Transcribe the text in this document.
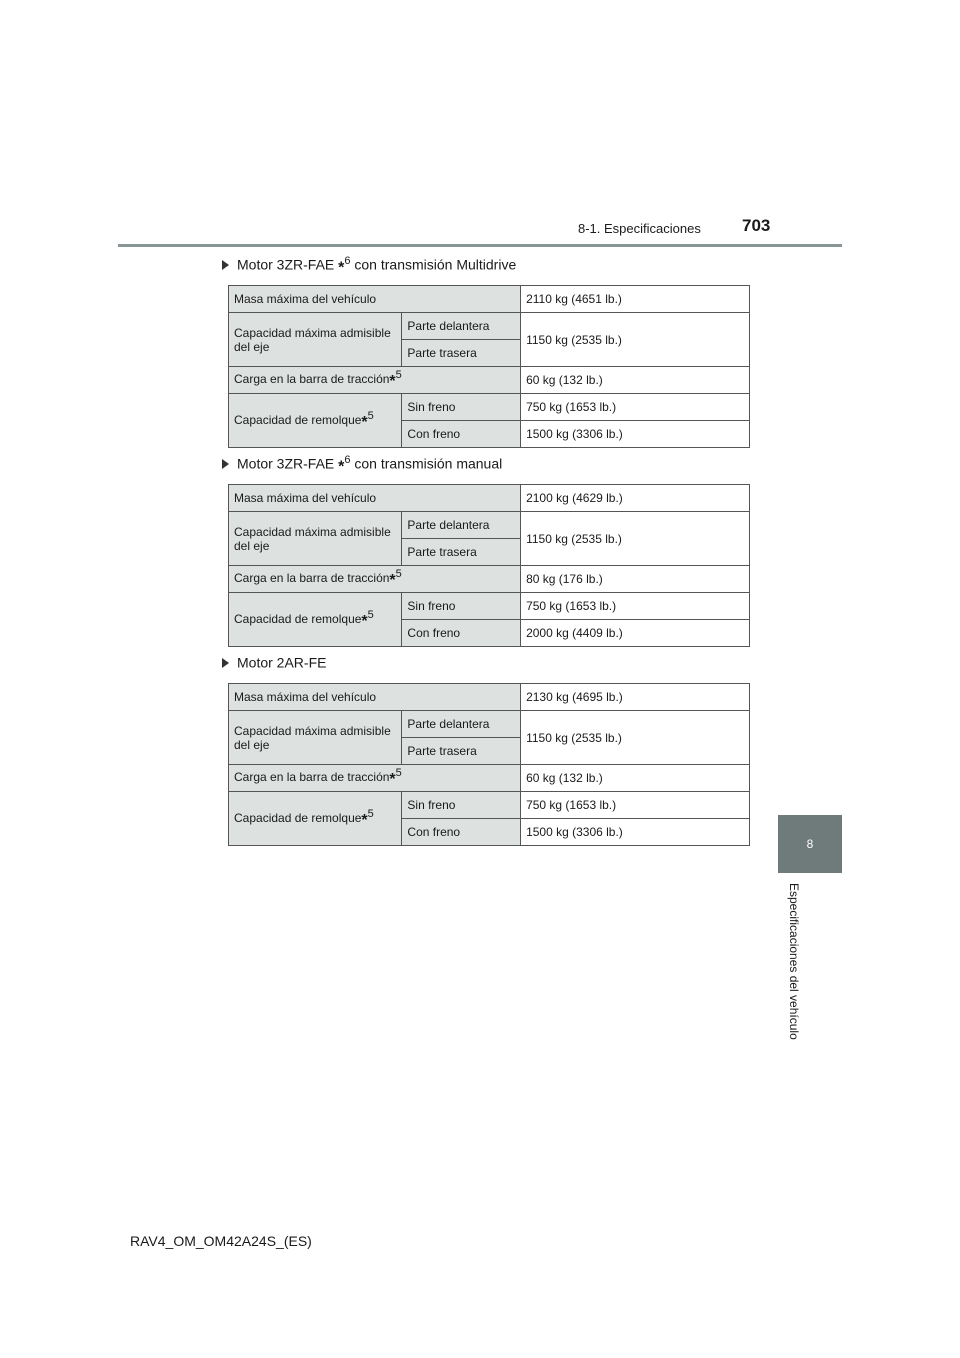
8-1. Especificaciones 703
8
Especificaciones del vehículo
Motor 3ZR-FAE *$^6$ con transmisión Multidrive
Masa máxima del vehículo		2110 kg (4651 lb.)
Capacidad máxima admisible del eje	Parte delantera	1150 kg (2535 lb.)
	Parte trasera	
Carga en la barra de tracción*$^5$		60 kg (132 lb.)
Capacidad de remolque*$^5$	Sin freno	750 kg (1653 lb.)
	Con freno	1500 kg (3306 lb.)
Motor 3ZR-FAE *$^6$ con transmisión manual
Masa máxima del vehículo		2100 kg (4629 lb.)
Capacidad máxima admisible del eje	Parte delantera	1150 kg (2535 lb.)
	Parte trasera	
Carga en la barra de tracción*$^5$		80 kg (176 lb.)
Capacidad de remolque*$^5$	Sin freno	750 kg (1653 lb.)
	Con freno	2000 kg (4409 lb.)
Motor 2AR-FE
Masa máxima del vehículo		2130 kg (4695 lb.)
Capacidad máxima admisible del eje	Parte delantera	1150 kg (2535 lb.)
	Parte trasera	
Carga en la barra de tracción*$^5$		60 kg (132 lb.)
Capacidad de remolque*$^5$	Sin freno	750 kg (1653 lb.)
	Con freno	1500 kg (3306 lb.)
RAV4_OM_OM42A24S_(ES)
